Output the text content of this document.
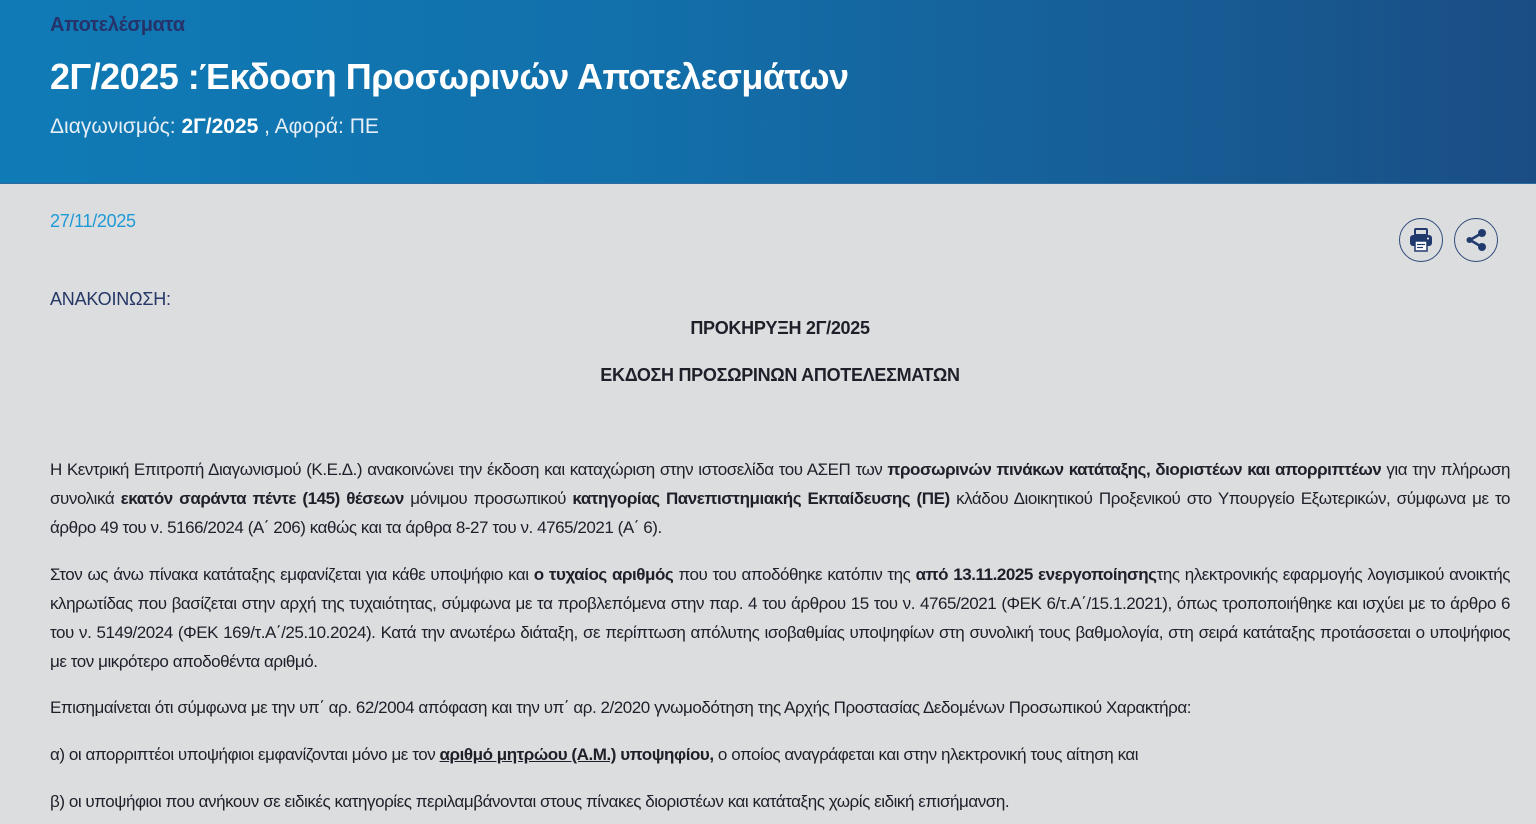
Αποτελέσματα
2Γ/2025 :Έκδοση Προσωρινών Αποτελεσμάτων
Διαγωνισμός: 2Γ/2025 , Αφορά: ΠΕ
27/11/2025
ΑΝΑΚΟΙΝΩΣΗ:
ΠΡΟΚΗΡΥΞΗ 2Γ/2025
ΕΚΔΟΣΗ ΠΡΟΣΩΡΙΝΩΝ ΑΠΟΤΕΛΕΣΜΑΤΩΝ

Η Κεντρική Επιτροπή Διαγωνισμού (Κ.Ε.Δ.) ανακοινώνει την έκδοση και καταχώριση στην ιστοσελίδα του ΑΣΕΠ των προσωρινών πινάκων κατάταξης, διοριστέων και απορριπτέων για την πλήρωση συνολικά εκατόν σαράντα πέντε (145) θέσεων μόνιμου προσωπικού κατηγορίας Πανεπιστημιακής Εκπαίδευσης (ΠΕ) κλάδου Διοικητικού Προξενικού στο Υπουργείο Εξωτερικών, σύμφωνα με το άρθρο 49 του ν. 5166/2024 (Α΄ 206) καθώς και τα άρθρα 8-27 του ν. 4765/2021 (Α΄ 6).

Στον ως άνω πίνακα κατάταξης εμφανίζεται για κάθε υποψήφιο και ο τυχαίος αριθμός που του αποδόθηκε κατόπιν της από 13.11.2025 ενεργοποίησηςτης ηλεκτρονικής εφαρμογής λογισμικού ανοικτής κληρωτίδας που βασίζεται στην αρχή της τυχαιότητας, σύμφωνα με τα προβλεπόμενα στην παρ. 4 του άρθρου 15 του ν. 4765/2021 (ΦΕΚ 6/τ.Α΄/15.1.2021), όπως τροποποιήθηκε και ισχύει με το άρθρο 6 του ν. 5149/2024 (ΦΕΚ 169/τ.Α΄/25.10.2024). Κατά την ανωτέρω διάταξη, σε περίπτωση απόλυτης ισοβαθμίας υποψηφίων στη συνολική τους βαθμολογία, στη σειρά κατάταξης προτάσσεται ο υποψήφιος με τον μικρότερο αποδοθέντα αριθμό.

Επισημαίνεται ότι σύμφωνα με την υπ΄ αρ. 62/2004 απόφαση και την υπ΄ αρ. 2/2020 γνωμοδότηση της Αρχής Προστασίας Δεδομένων Προσωπικού Χαρακτήρα:

α) οι απορριπτέοι υποψήφιοι εμφανίζονται μόνο με τον αριθμό μητρώου (Α.Μ.) υποψηφίου, ο οποίος αναγράφεται και στην ηλεκτρονική τους αίτηση και

β) οι υποψήφιοι που ανήκουν σε ειδικές κατηγορίες περιλαμβάνονται στους πίνακες διοριστέων και κατάταξης χωρίς ειδική επισήμανση.
